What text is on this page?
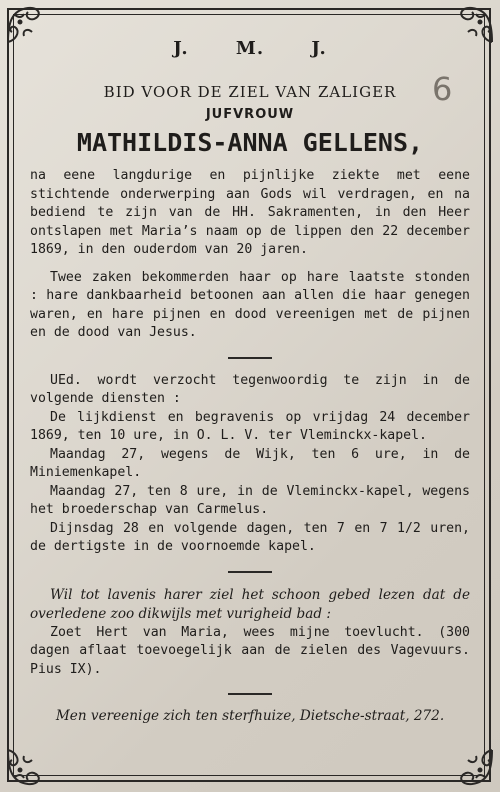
6
J. M. J.
BID VOOR DE ZIEL VAN ZALIGER
JUFVROUW
MATHILDIS-ANNA GELLENS,

na eene langdurige en pijnlijke ziekte met eene stichtende onderwerping aan Gods wil verdragen, en na bediend te zijn van de HH. Sakramenten, in den Heer ontslapen met Maria’s naam op de lippen den 22 december 1869, in den ouderdom van 20 jaren.

Twee zaken bekommerden haar op hare laatste stonden : hare dankbaarheid betoonen aan allen die haar genegen waren, en hare pijnen en dood vereenigen met de pijnen en de dood van Jesus.

UEd. wordt verzocht tegenwoordig te zijn in de volgende diensten :

De lijkdienst en begravenis op vrijdag 24 december 1869, ten 10 ure, in O. L. V. ter Vleminckx-kapel.

Maandag 27, wegens de Wijk, ten 6 ure, in de Miniemenkapel.

Maandag 27, ten 8 ure, in de Vleminckx-kapel, wegens het broederschap van Carmelus.

Dijnsdag 28 en volgende dagen, ten 7 en 7 1/2 uren, de dertigste in de voornoemde kapel.

Wil tot lavenis harer ziel het schoon gebed lezen dat de overledene zoo dikwijls met vurigheid bad :

Zoet Hert van Maria, wees mijne toevlucht. (300 dagen aflaat toevoegelijk aan de zielen des Vagevuurs. Pius IX).

Men vereenige zich ten sterfhuize, Dietsche-straat, 272.
